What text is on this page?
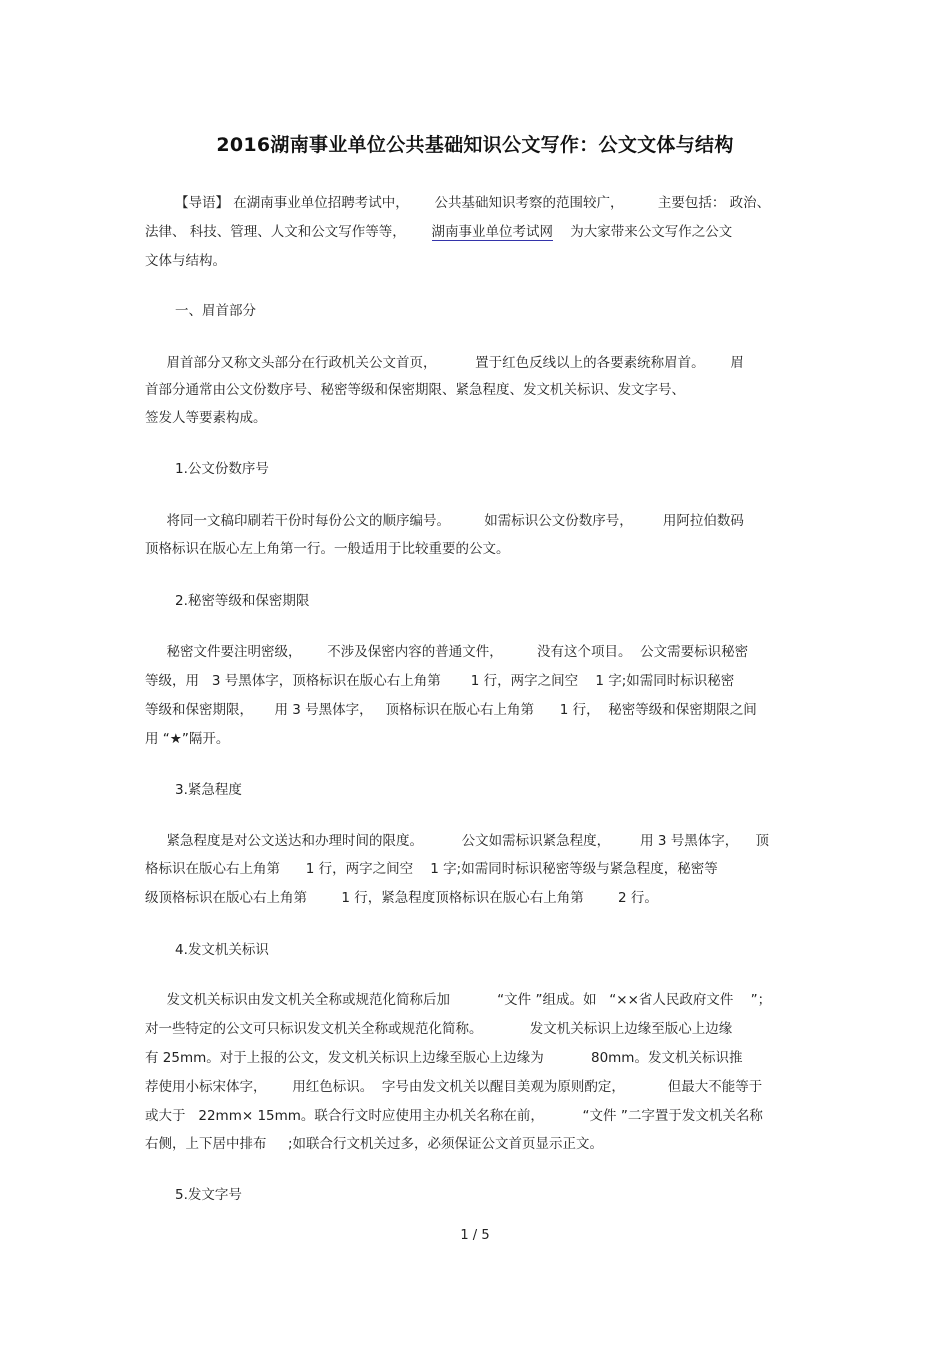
2016湖南事业单位公共基础知识公文写作：公文文体与结构
【导语】 在湖南事业单位招聘考试中，      公共基础知识考察的范围较广，        主要包括： 政治、
法律、 科技、管理、人文和公文写作等等，      湖南事业单位考试网    为大家带来公文写作之公文
文体与结构。
一、眉首部分
眉首部分又称文头部分在行政机关公文首页，         置于红色反线以上的各要素统称眉首。      眉
首部分通常由公文份数序号、秘密等级和保密期限、紧急程度、发文机关标识、发文字号、
签发人等要素构成。
1.公文份数序号
将同一文稿印刷若干份时每份公文的顺序编号。        如需标识公文份数序号，       用阿拉伯数码
顶格标识在版心左上角第一行。一般适用于比较重要的公文。
2.秘密等级和保密期限
秘密文件要注明密级，      不涉及保密内容的普通文件，        没有这个项目。  公文需要标识秘密
等级，用   3 号黑体字，顶格标识在版心右上角第       1 行，两字之间空    1 字;如需同时标识秘密
等级和保密期限，     用 3 号黑体字，   顶格标识在版心右上角第      1 行，  秘密等级和保密期限之间
用 “★”隔开。
3.紧急程度
紧急程度是对公文送达和办理时间的限度。         公文如需标识紧急程度，       用 3 号黑体字，    顶
格标识在版心右上角第      1 行，两字之间空    1 字;如需同时标识秘密等级与紧急程度，秘密等
级顶格标识在版心右上角第        1 行，紧急程度顶格标识在版心右上角第        2 行。
4.发文机关标识
发文机关标识由发文机关全称或规范化简称后加           “文件 ”组成。如   “××省人民政府文件    ”；
对一些特定的公文可只标识发文机关全称或规范化简称。           发文机关标识上边缘至版心上边缘
有 25mm。对于上报的公文，发文机关标识上边缘至版心上边缘为           80mm。发文机关标识推
荐使用小标宋体字，      用红色标识。  字号由发文机关以醒目美观为原则酌定，          但最大不能等于
或大于   22mm× 15mm。联合行文时应使用主办机关名称在前，         “文件 ”二字置于发文机关名称
右侧，上下居中排布     ;如联合行文机关过多，必须保证公文首页显示正文。
5.发文字号
1 / 5
